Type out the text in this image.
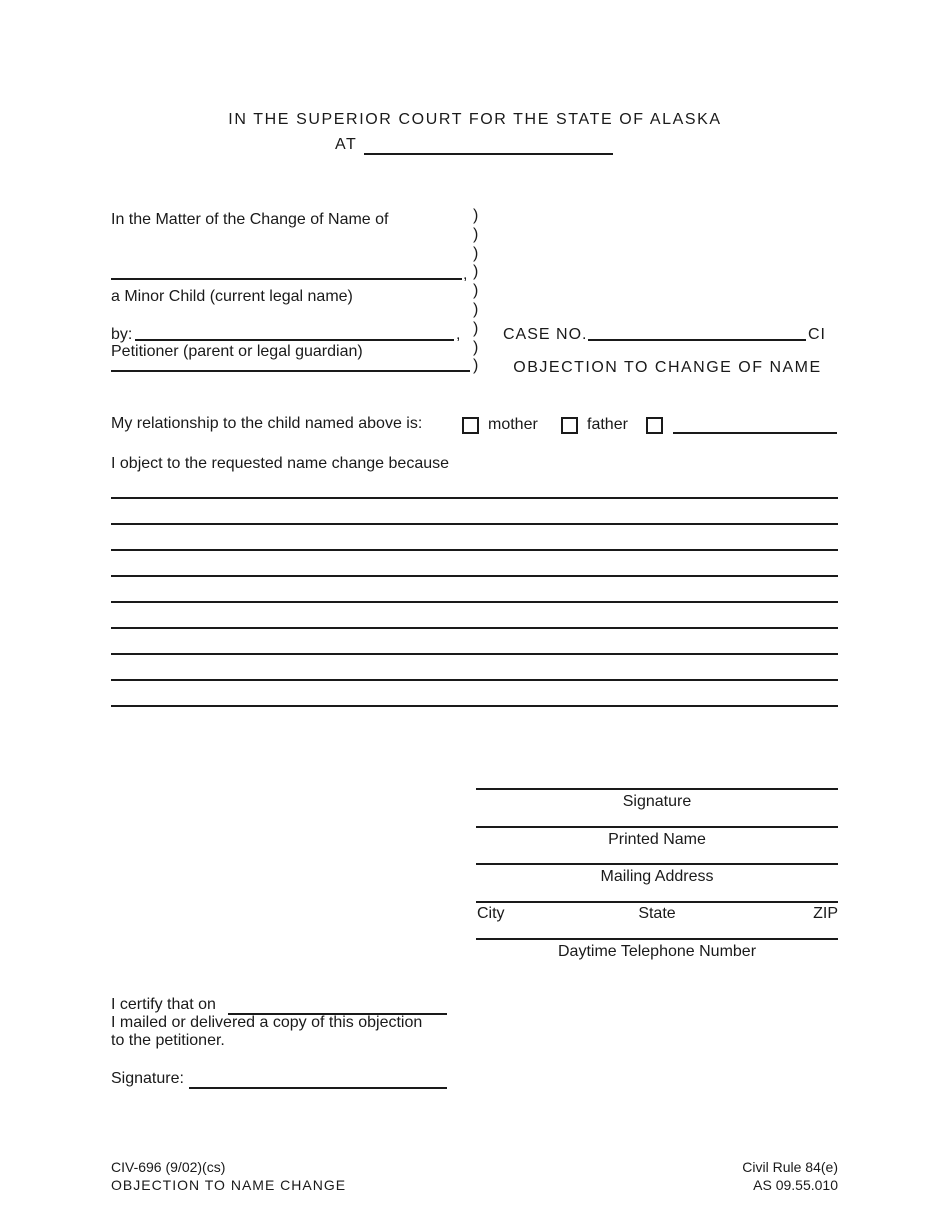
IN THE SUPERIOR COURT FOR THE STATE OF ALASKA
AT
In the Matter of the Change of Name of
,
a Minor Child (current legal name)
by:	,
Petitioner (parent or legal guardian)
)
)
)
)
)
)
)
)
)
CASE NO.	CI
OBJECTION TO CHANGE OF NAME
My relationship to the child named above is:	mother	father
I object to the requested name change because
Signature
Printed Name
Mailing Address
City	State	ZIP
Daytime Telephone Number
I certify that on
I mailed or delivered a copy of this objection
to the petitioner.
Signature:
CIV-696 (9/02)(cs)
OBJECTION TO NAME CHANGE
Civil Rule 84(e)
AS 09.55.010
